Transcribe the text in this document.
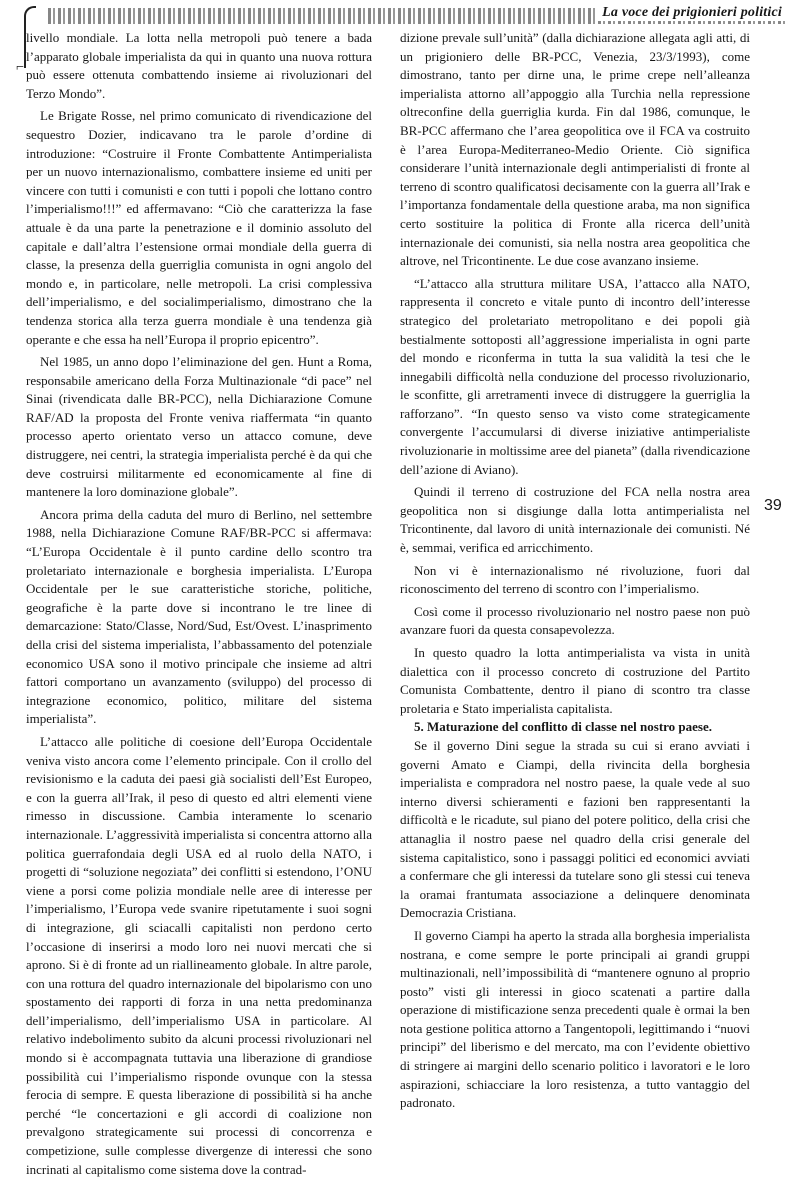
⌐
La voce dei prigionieri politici

livello mondiale. La lotta nella metropoli può tenere a bada l’apparato globale imperialista da qui in quanto una nuova rottura può essere ottenuta combattendo insieme ai rivoluzionari del Terzo Mondo”.

Le Brigate Rosse, nel primo comunicato di rivendicazione del sequestro Dozier, indicavano tra le parole d’ordine di introduzione: “Costruire il Fronte Combattente Antimperialista per un nuovo internazionalismo, combattere insieme ed uniti per vincere con tutti i comunisti e con tutti i popoli che lottano contro l’imperialismo!!!” ed affermavano: “Ciò che caratterizza la fase attuale è da una parte la penetrazione e il dominio assoluto del capitale e dall’altra l’estensione ormai mondiale della guerra di classe, la presenza della guerriglia comunista in ogni angolo del mondo e, in particolare, nelle metropoli. La crisi complessiva dell’imperialismo, e del socialimperialismo, dimostrano che la tendenza storica alla terza guerra mondiale è una tendenza già operante e che essa ha nell’Europa il proprio epicentro”.

Nel 1985, un anno dopo l’eliminazione del gen. Hunt a Roma, responsabile americano della Forza Multinazionale “di pace” nel Sinai (rivendicata dalle BR-PCC), nella Dichiarazione Comune RAF/AD la proposta del Fronte veniva riaffermata “in quanto processo aperto orientato verso un attacco comune, deve distruggere, nei centri, la strategia imperialista perché è da qui che deve costruirsi militarmente ed economicamente al fine di mantenere la loro dominazione globale”.

Ancora prima della caduta del muro di Berlino, nel settembre 1988, nella Dichiarazione Comune RAF/BR-PCC si affermava: “L’Europa Occidentale è il punto cardine dello scontro tra proletariato internazionale e borghesia imperialista. L’Europa Occidentale per le sue caratteristiche storiche, politiche, geografiche è la parte dove si incontrano le tre linee di demarcazione: Stato/Classe, Nord/Sud, Est/Ovest. L’inasprimento della crisi del sistema imperialista, l’abbassamento del potenziale economico USA sono il motivo principale che insieme ad altri fattori comportano un avanzamento (sviluppo) del processo di integrazione economico, politico, militare del sistema imperialista”.

L’attacco alle politiche di coesione dell’Europa Occidentale veniva visto ancora come l’elemento principale. Con il crollo del revisionismo e la caduta dei paesi già socialisti dell’Est Europeo, e con la guerra all’Irak, il peso di questo ed altri elementi viene rimesso in discussione. Cambia interamente lo scenario internazionale. L’aggressività imperialista si concentra attorno alla politica guerrafondaia degli USA ed al ruolo della NATO, i progetti di “soluzione negoziata” dei conflitti si estendono, l’ONU viene a porsi come polizia mondiale nelle aree di interesse per l’imperialismo, l’Europa vede svanire ripetutamente i suoi sogni di integrazione, gli sciacalli capitalisti non perdono certo l’occasione di inserirsi a modo loro nei nuovi mercati che si aprono. Si è di fronte ad un riallineamento globale. In altre parole, con una rottura del quadro internazionale del bipolarismo con uno spostamento dei rapporti di forza in una netta predominanza dell’imperialismo, dell’imperialismo USA in particolare. Al relativo indebolimento subito da alcuni processi rivoluzionari nel mondo si è accompagnata tuttavia una liberazione di grandiose possibilità cui l’imperialismo risponde ovunque con la stessa ferocia di sempre. E questa liberazione di possibilità si ha anche perché “le concertazioni e gli accordi di coalizione non prevalgono strategicamente sui processi di concorrenza e competizione, sulle complesse divergenze di interessi che sono incrinati al capitalismo come sistema dove la contrad-

dizione prevale sull’unità” (dalla dichiarazione allegata agli atti, di un prigioniero delle BR-PCC, Venezia, 23/3/1993), come dimostrano, tanto per dirne una, le prime crepe nell’alleanza imperialista attorno all’appoggio alla Turchia nella repressione oltreconfine della guerriglia kurda. Fin dal 1986, comunque, le BR-PCC affermano che l’area geopolitica ove il FCA va costruito è l’area Europa-Mediterraneo-Medio Oriente. Ciò significa considerare l’unità internazionale degli antimperialisti di fronte al terreno di scontro qualificatosi decisamente con la guerra all’Irak e l’importanza fondamentale della questione araba, ma non significa certo sostituire la politica di Fronte alla ricerca dell’unità internazionale dei comunisti, sia nella nostra area geopolitica che altrove, nel Tricontinente. Le due cose avanzano insieme.

“L’attacco alla struttura militare USA, l’attacco alla NATO, rappresenta il concreto e vitale punto di incontro dell’interesse strategico del proletariato metropolitano e dei popoli già bestialmente sottoposti all’aggressione imperialista in ogni parte del mondo e riconferma in tutta la sua validità la tesi che le innegabili difficoltà nella conduzione del processo rivoluzionario, le sconfitte, gli arretramenti invece di distruggere la guerriglia la rafforzano”. “In questo senso va visto come strategicamente convergente l’accumularsi di diverse iniziative antimperialiste rivoluzionarie in moltissime aree del pianeta” (dalla rivendicazione dell’azione di Aviano).

Quindi il terreno di costruzione del FCA nella nostra area geopolitica non si disgiunge dalla lotta antimperialista nel Tricontinente, dal lavoro di unità internazionale dei comunisti. Né è, semmai, verifica ed arricchimento.

Non vi è internazionalismo né rivoluzione, fuori dal riconoscimento del terreno di scontro con l’imperialismo.

Così come il processo rivoluzionario nel nostro paese non può avanzare fuori da questa consapevolezza.

In questo quadro la lotta antimperialista va vista in unità dialettica con il processo concreto di costruzione del Partito Comunista Combattente, dentro il piano di scontro tra classe proletaria e Stato imperialista capitalista.

5. Maturazione del conflitto di classe nel nostro paese.

Se il governo Dini segue la strada su cui si erano avviati i governi Amato e Ciampi, della rivincita della borghesia imperialista e compradora nel nostro paese, la quale vede al suo interno diversi schieramenti e fazioni ben rappresentanti la difficoltà e le ricadute, sul piano del potere politico, della crisi che attanaglia il nostro paese nel quadro della crisi generale del sistema capitalistico, sono i passaggi politici ed economici avviati a confermare che gli interessi da tutelare sono gli stessi cui teneva la oramai frantumata associazione a delinquere denominata Democrazia Cristiana.

Il governo Ciampi ha aperto la strada alla borghesia imperialista nostrana, e come sempre le porte principali ai grandi gruppi multinazionali, nell’impossibilità di “mantenere ognuno al proprio posto” visti gli interessi in gioco scatenati a partire dalla operazione di mistificazione senza precedenti quale è ormai la ben nota gestione politica attorno a Tangentopoli, legittimando i “nuovi principi” del liberismo e del mercato, ma con l’evidente obiettivo di stringere ai margini dello scenario politico i lavoratori e le loro aspirazioni, schiacciare la loro resistenza, a tutto vantaggio del padronato.

39
